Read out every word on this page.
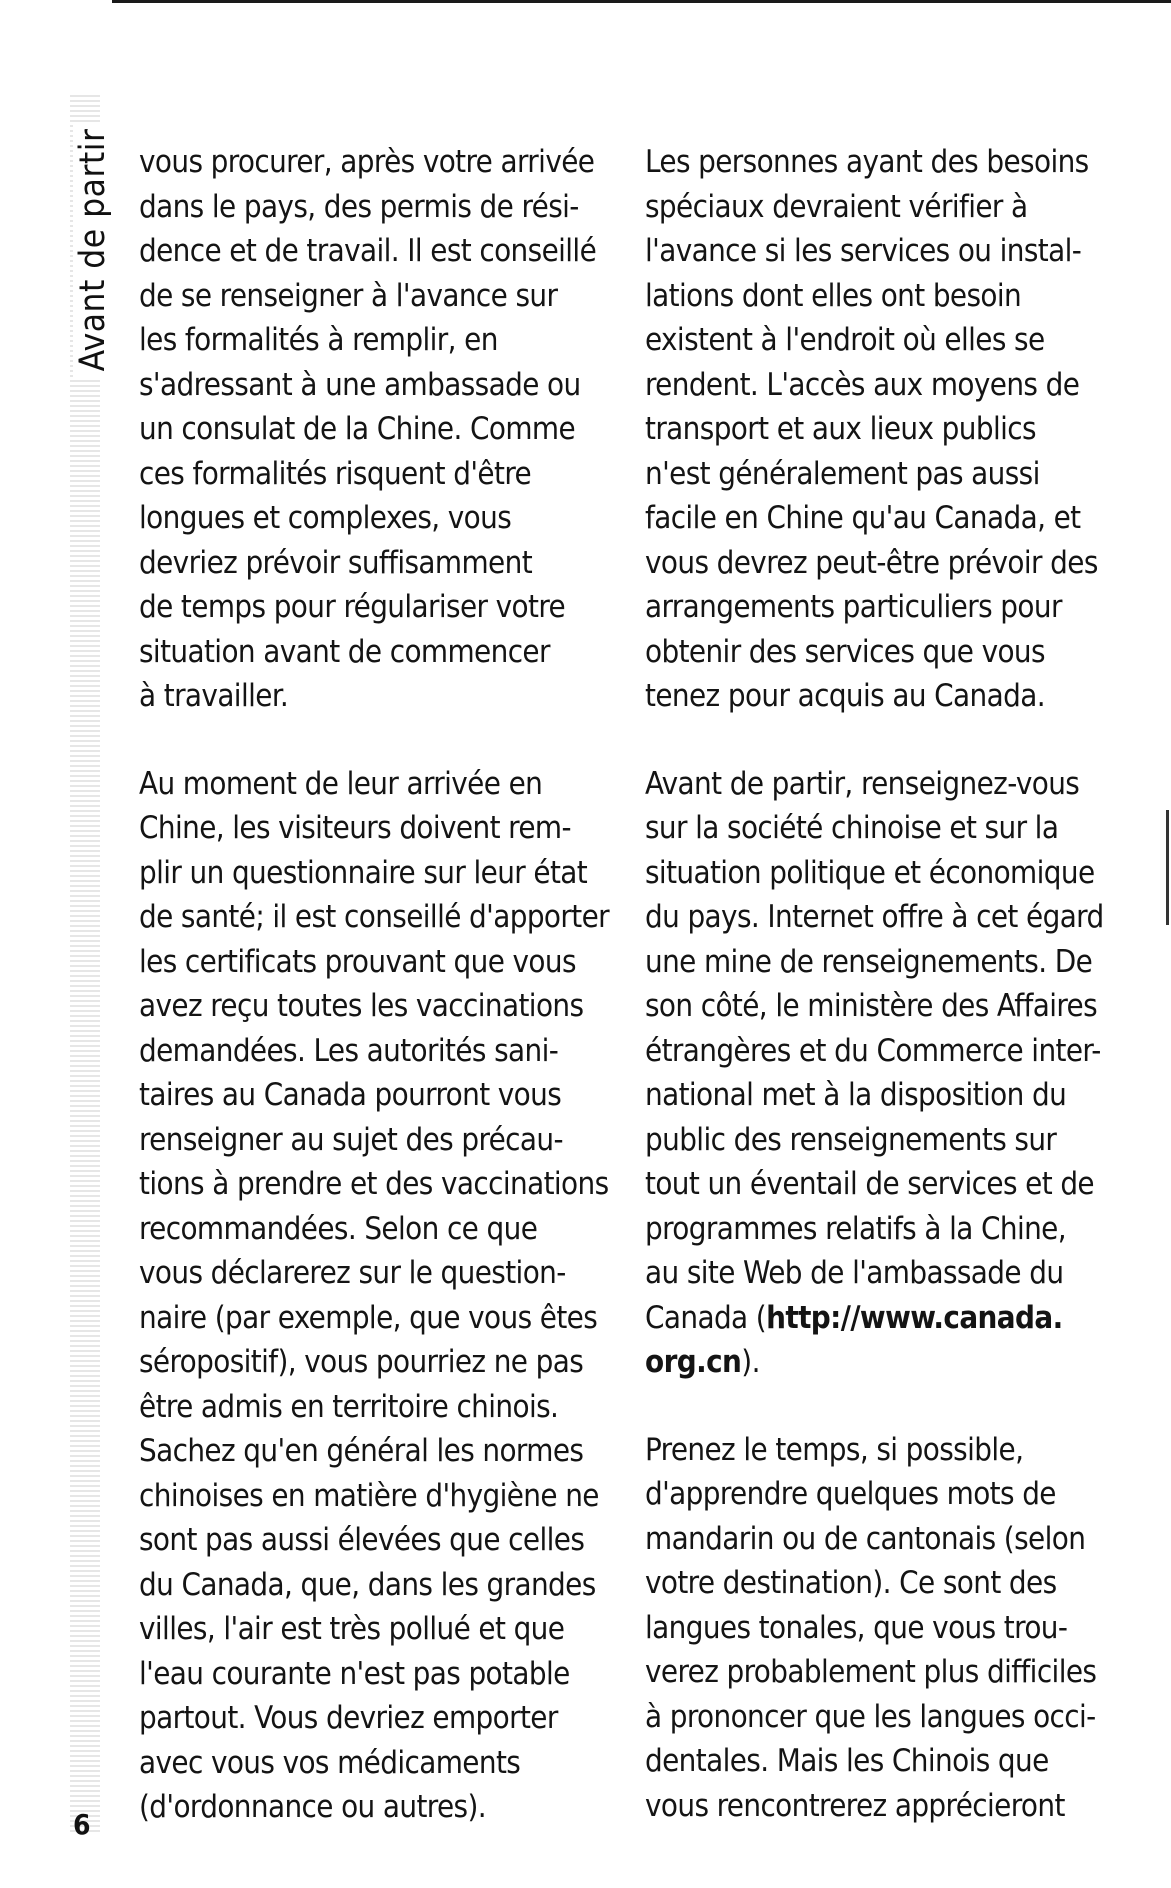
Avant de partir vous procurer, après votre arrivée
dans le pays, des permis de rési-
dence et de travail. Il est conseillé
de se renseigner à l'avance sur
les formalités à remplir, en
s'adressant à une ambassade ou
un consulat de la Chine. Comme
ces formalités risquent d'être
longues et complexes, vous
devriez prévoir suffisamment
de temps pour régulariser votre
situation avant de commencer
à travailler.

Au moment de leur arrivée en
Chine, les visiteurs doivent rem-
plir un questionnaire sur leur état
de santé; il est conseillé d'apporter
les certificats prouvant que vous
avez reçu toutes les vaccinations
demandées. Les autorités sani-
taires au Canada pourront vous
renseigner au sujet des précau-
tions à prendre et des vaccinations
recommandées. Selon ce que
vous déclarerez sur le question-
naire (par exemple, que vous êtes
séropositif), vous pourriez ne pas
être admis en territoire chinois.
Sachez qu'en général les normes
chinoises en matière d'hygiène ne
sont pas aussi élevées que celles
du Canada, que, dans les grandes
villes, l'air est très pollué et que
l'eau courante n'est pas potable
partout. Vous devriez emporter
avec vous vos médicaments
(d'ordonnance ou autres).

Les personnes ayant des besoins
spéciaux devraient vérifier à
l'avance si les services ou instal-
lations dont elles ont besoin
existent à l'endroit où elles se
rendent. L'accès aux moyens de
transport et aux lieux publics
n'est généralement pas aussi
facile en Chine qu'au Canada, et
vous devrez peut-être prévoir des
arrangements particuliers pour
obtenir des services que vous
tenez pour acquis au Canada.

Avant de partir, renseignez-vous
sur la société chinoise et sur la
situation politique et économique
du pays. Internet offre à cet égard
une mine de renseignements. De
son côté, le ministère des Affaires
étrangères et du Commerce inter-
national met à la disposition du
public des renseignements sur
tout un éventail de services et de
programmes relatifs à la Chine,
au site Web de l'ambassade du
Canada (http://www.canada.
org.cn).

Prenez le temps, si possible,
d'apprendre quelques mots de
mandarin ou de cantonais (selon
votre destination). Ce sont des
langues tonales, que vous trou-
verez probablement plus difficiles
à prononcer que les langues occi-
dentales. Mais les Chinois que
vous rencontrerez apprécieront

6
